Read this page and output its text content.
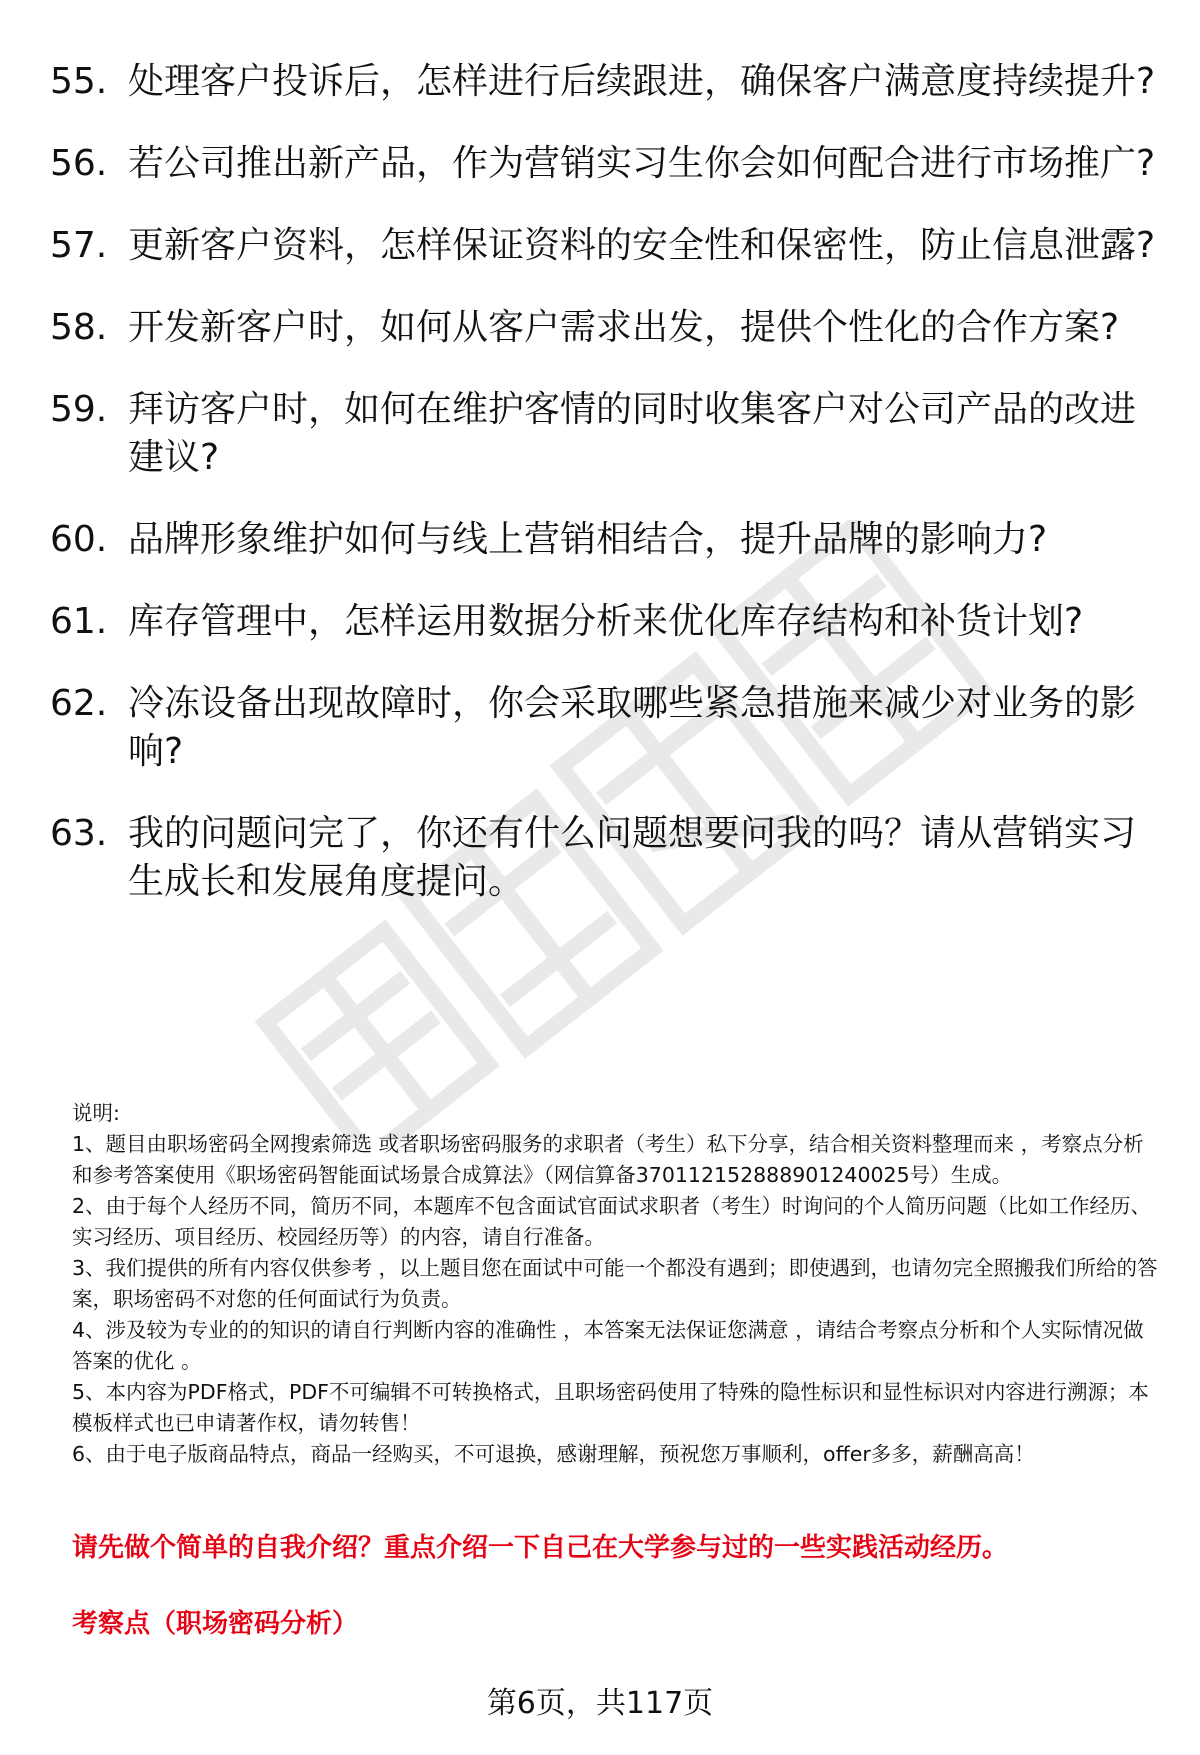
55. 处理客户投诉后，怎样进行后续跟进，确保客户满意度持续提升?
56. 若公司推出新产品，作为营销实习生你会如何配合进行市场推广?
57. 更新客户资料，怎样保证资料的安全性和保密性，防止信息泄露?
58. 开发新客户时，如何从客户需求出发，提供个性化的合作方案?
59. 拜访客户时，如何在维护客情的同时收集客户对公司产品的改进建议?
60. 品牌形象维护如何与线上营销相结合，提升品牌的影响力?
61. 库存管理中，怎样运用数据分析来优化库存结构和补货计划?
62. 冷冻设备出现故障时，你会采取哪些紧急措施来减少对业务的影响?
63. 我的问题问完了，你还有什么问题想要问我的吗？请从营销实习生成长和发展角度提问。
说明:
1、题目由职场密码全网搜索筛选 或者职场密码服务的求职者（考生）私下分享，结合相关资料整理而来 ，考察点分析和参考答案使用《职场密码智能面试场景合成算法》（网信算备370112152888901240025号）生成。
2、由于每个人经历不同，简历不同，本题库不包含面试官面试求职者（考生）时询问的个人简历问题（比如工作经历、实习经历、项目经历、校园经历等）的内容，请自行准备。
3、我们提供的所有内容仅供参考 ，以上题目您在面试中可能一个都没有遇到；即使遇到，也请勿完全照搬我们所给的答案，职场密码不对您的任何面试行为负责。
4、涉及较为专业的的知识的请自行判断内容的准确性 ，本答案无法保证您满意 ，请结合考察点分析和个人实际情况做答案的优化 。
5、本内容为PDF格式，PDF不可编辑不可转换格式，且职场密码使用了特殊的隐性标识和显性标识对内容进行溯源；本模板样式也已申请著作权，请勿转售！
6、由于电子版商品特点，商品一经购买，不可退换，感谢理解，预祝您万事顺利，offer多多，薪酬高高！
请先做个简单的自我介绍？重点介绍一下自己在大学参与过的一些实践活动经历。
考察点（职场密码分析）
第6页，共117页
